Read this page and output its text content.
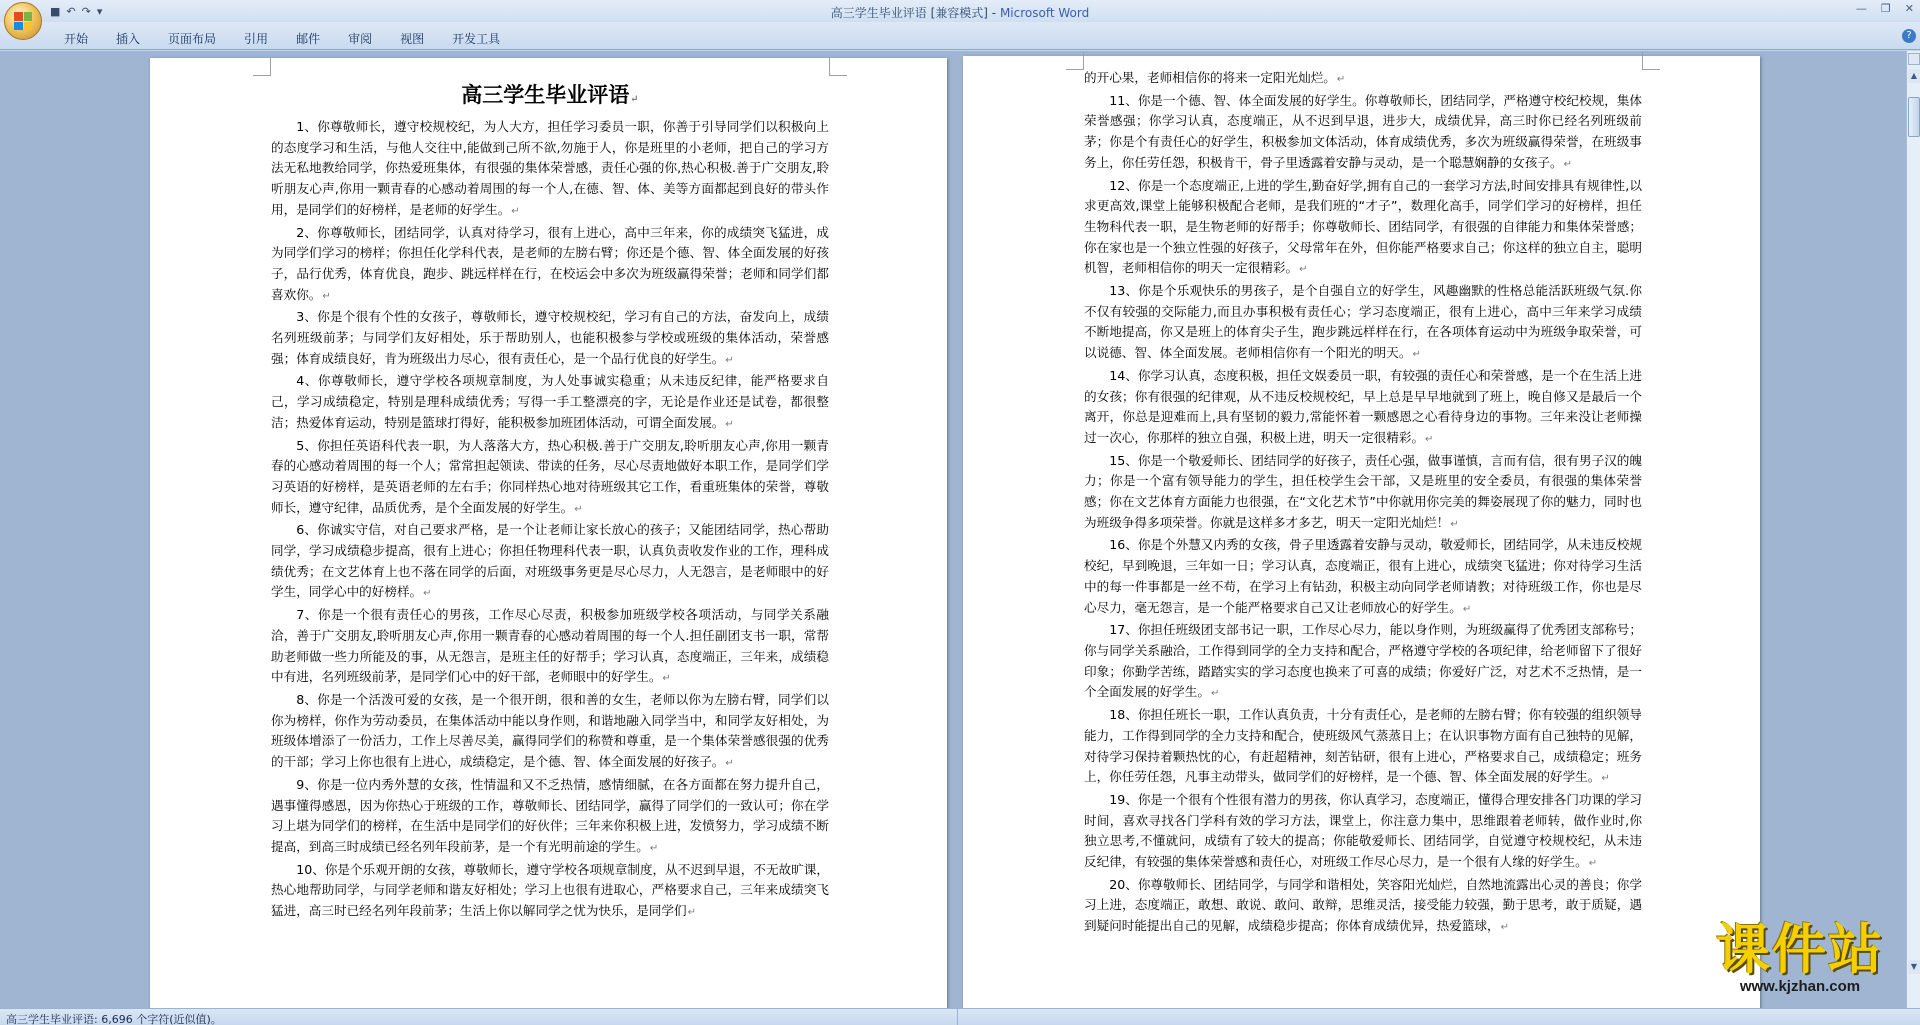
■ ↶ ↷ ▾	高三学生毕业评语 [兼容模式] - Microsoft Word	— ❐ ✕
开始	插入	页面布局	引用	邮件	审阅	视图	开发工具	?
高三学生毕业评语↵
1、你尊敬师长，遵守校规校纪，为人大方，担任学习委员一职，你善于引导同学们以积极向上的态度学习和生活，与他人交往中,能做到己所不欲,勿施于人，你是班里的小老师，把自己的学习方法无私地教给同学，你热爱班集体，有很强的集体荣誉感，责任心强的你,热心积极.善于广交朋友,聆听朋友心声,你用一颗青春的心感动着周围的每一个人,在德、智、体、美等方面都起到良好的带头作用，是同学们的好榜样，是老师的好学生。↵
2、你尊敬师长，团结同学，认真对待学习，很有上进心，高中三年来，你的成绩突飞猛进，成为同学们学习的榜样；你担任化学科代表，是老师的左膀右臂；你还是个德、智、体全面发展的好孩子，品行优秀，体育优良，跑步、跳远样样在行，在校运会中多次为班级赢得荣誉；老师和同学们都喜欢你。↵
3、你是个很有个性的女孩子，尊敬师长，遵守校规校纪，学习有自己的方法，奋发向上，成绩名列班级前茅；与同学们友好相处，乐于帮助别人，也能积极参与学校或班级的集体活动，荣誉感强；体育成绩良好，肯为班级出力尽心，很有责任心，是一个品行优良的好学生。↵
4、你尊敬师长，遵守学校各项规章制度，为人处事诚实稳重；从未违反纪律，能严格要求自己，学习成绩稳定，特别是理科成绩优秀；写得一手工整漂亮的字，无论是作业还是试卷，都很整洁；热爱体育运动，特别是篮球打得好，能积极参加班团体活动，可谓全面发展。↵
5、你担任英语科代表一职，为人落落大方，热心积极.善于广交朋友,聆听朋友心声,你用一颗青春的心感动着周围的每一个人；常常担起领读、带读的任务，尽心尽责地做好本职工作，是同学们学习英语的好榜样，是英语老师的左右手；你同样热心地对待班级其它工作，看重班集体的荣誉，尊敬师长，遵守纪律，品质优秀，是个全面发展的好学生。↵
6、你诚实守信，对自己要求严格，是一个让老师让家长放心的孩子；又能团结同学，热心帮助同学，学习成绩稳步提高，很有上进心；你担任物理科代表一职，认真负责收发作业的工作，理科成绩优秀；在文艺体育上也不落在同学的后面，对班级事务更是尽心尽力，人无怨言，是老师眼中的好学生，同学心中的好榜样。↵
7、你是一个很有责任心的男孩，工作尽心尽责，积极参加班级学校各项活动，与同学关系融洽，善于广交朋友,聆听朋友心声,你用一颗青春的心感动着周围的每一个人.担任副团支书一职，常帮助老师做一些力所能及的事，从无怨言，是班主任的好帮手；学习认真，态度端正，三年来，成绩稳中有进，名列班级前茅，是同学们心中的好干部，老师眼中的好学生。↵
8、你是一个活泼可爱的女孩，是一个很开朗，很和善的女生，老师以你为左膀右臂，同学们以你为榜样，你作为劳动委员，在集体活动中能以身作则，和谐地融入同学当中，和同学友好相处，为班级体增添了一份活力，工作上尽善尽美，赢得同学们的称赞和尊重，是一个集体荣誉感很强的优秀的干部；学习上你也很有上进心，成绩稳定，是个德、智、体全面发展的好孩子。↵
9、你是一位内秀外慧的女孩，性情温和又不乏热情，感情细腻，在各方面都在努力提升自己，遇事懂得感恩，因为你热心于班级的工作，尊敬师长、团结同学，赢得了同学们的一致认可；你在学习上堪为同学们的榜样，在生活中是同学们的好伙伴；三年来你积极上进，发愤努力，学习成绩不断提高，到高三时成绩已经名列年段前茅，是一个有光明前途的学生。↵
10、你是个乐观开朗的女孩，尊敬师长，遵守学校各项规章制度，从不迟到早退，不无故旷课，热心地帮助同学，与同学老师和谐友好相处；学习上也很有进取心，严格要求自己，三年来成绩突飞猛进，高三时已经名列年段前茅；生活上你以解同学之忧为快乐，是同学们↵
的开心果，老师相信你的将来一定阳光灿烂。↵
11、你是一个德、智、体全面发展的好学生。你尊敬师长，团结同学，严格遵守校纪校规，集体荣誉感强；你学习认真，态度端正，从不迟到早退，进步大，成绩优异，高三时你已经名列班级前茅；你是个有责任心的好学生，积极参加文体活动，体育成绩优秀，多次为班级赢得荣誉，在班级事务上，你任劳任怨，积极肯干，骨子里透露着安静与灵动，是一个聪慧娴静的女孩子。↵
12、你是一个态度端正,上进的学生,勤奋好学,拥有自己的一套学习方法,时间安排具有规律性,以求更高效,课堂上能够积极配合老师，是我们班的“才子”，数理化高手，同学们学习的好榜样，担任生物科代表一职，是生物老师的好帮手；你尊敬师长、团结同学，有很强的自律能力和集体荣誉感；你在家也是一个独立性强的好孩子，父母常年在外，但你能严格要求自己；你这样的独立自主，聪明机智，老师相信你的明天一定很精彩。↵
13、你是个乐观快乐的男孩子，是个自强自立的好学生，风趣幽默的性格总能活跃班级气氛.你不仅有较强的交际能力,而且办事积极有责任心；学习态度端正，很有上进心，高中三年来学习成绩不断地提高，你又是班上的体育尖子生，跑步跳远样样在行，在各项体育运动中为班级争取荣誉，可以说德、智、体全面发展。老师相信你有一个阳光的明天。↵
14、你学习认真，态度积极，担任文娱委员一职，有较强的责任心和荣誉感，是一个在生活上进的女孩；你有很强的纪律观，从不违反校规校纪，早上总是早早地就到了班上，晚自修又是最后一个离开，你总是迎难而上,具有坚韧的毅力,常能怀着一颗感恩之心看待身边的事物。三年来没让老师操过一次心，你那样的独立自强，积极上进，明天一定很精彩。↵
15、你是一个敬爱师长、团结同学的好孩子，责任心强，做事谨慎，言而有信，很有男子汉的魄力；你是一个富有领导能力的学生，担任校学生会干部，又是班里的安全委员，有很强的集体荣誉感；你在文艺体育方面能力也很强，在“文化艺术节”中你就用你完美的舞姿展现了你的魅力，同时也为班级争得多项荣誉。你就是这样多才多艺，明天一定阳光灿烂！↵
16、你是个外慧又内秀的女孩，骨子里透露着安静与灵动，敬爱师长，团结同学，从未违反校规校纪，早到晚退，三年如一日；学习认真，态度端正，很有上进心，成绩突飞猛进；你对待学习生活中的每一件事都是一丝不苟，在学习上有钻劲，积极主动向同学老师请教；对待班级工作，你也是尽心尽力，毫无怨言，是一个能严格要求自己又让老师放心的好学生。↵
17、你担任班级团支部书记一职，工作尽心尽力，能以身作则，为班级赢得了优秀团支部称号；你与同学关系融洽，工作得到同学的全力支持和配合，严格遵守学校的各项纪律，给老师留下了很好印象；你勤学苦练，踏踏实实的学习态度也换来了可喜的成绩；你爱好广泛，对艺术不乏热情，是一个全面发展的好学生。↵
18、你担任班长一职，工作认真负责，十分有责任心，是老师的左膀右臂；你有较强的组织领导能力，工作得到同学的全力支持和配合，使班级风气蒸蒸日上；在认识事物方面有自己独特的见解，对待学习保持着颗热忱的心，有赶超精神，刻苦钻研，很有上进心，严格要求自己，成绩稳定；班务上，你任劳任怨，凡事主动带头，做同学们的好榜样，是一个德、智、体全面发展的好学生。↵
19、你是一个很有个性很有潜力的男孩，你认真学习，态度端正，懂得合理安排各门功课的学习时间，喜欢寻找各门学科有效的学习方法，课堂上，你注意力集中，思维跟着老师转，做作业时,你独立思考,不懂就问，成绩有了较大的提高；你能敬爱师长、团结同学，自觉遵守校规校纪，从未违反纪律，有较强的集体荣誉感和责任心，对班级工作尽心尽力，是一个很有人缘的好学生。↵
20、你尊敬师长、团结同学，与同学和谐相处，笑容阳光灿烂，自然地流露出心灵的善良；你学习上进，态度端正，敢想、敢说、敢问、敢辩，思维灵活，接受能力较强，勤于思考，敢于质疑，遇到疑问时能提出自己的见解，成绩稳步提高；你体育成绩优异，热爱篮球，↵
▲
▼
高三学生毕业评语: 6,696 个字符(近似值)。
课件站
www.kjzhan.com
